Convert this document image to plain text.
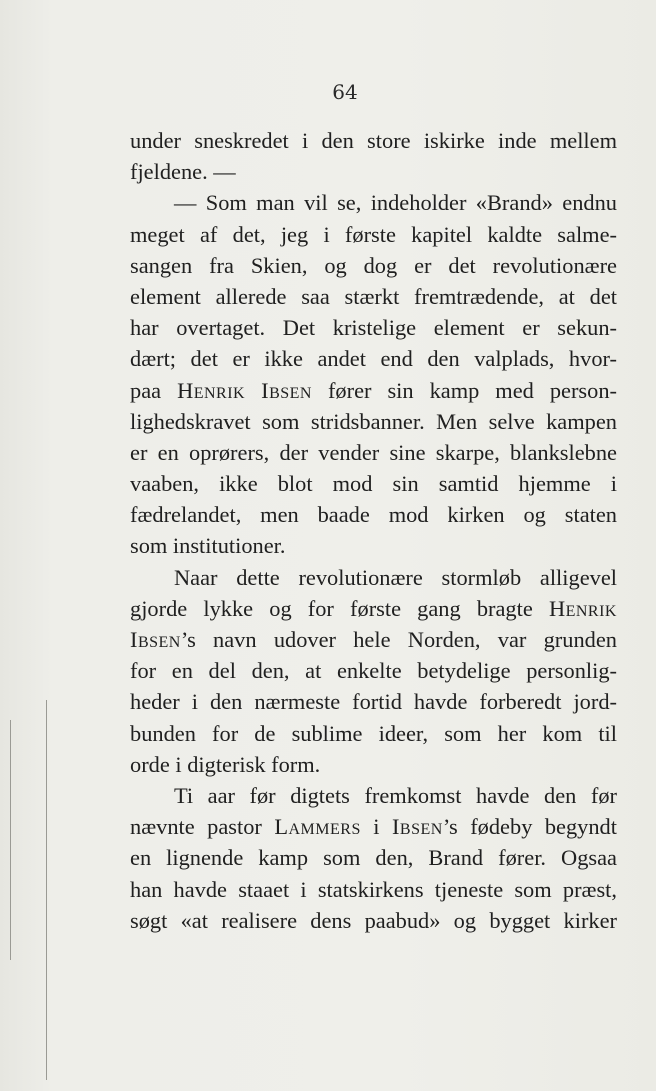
64
under sneskredet i den store iskirke inde mellem
fjeldene. —
— Som man vil se, indeholder «Brand» endnu
meget af det, jeg i første kapitel kaldte salme-
sangen fra Skien, og dog er det revolutionære
element allerede saa stærkt fremtrædende, at det
har overtaget. Det kristelige element er sekun-
dært; det er ikke andet end den valplads, hvor-
paa Henrik Ibsen fører sin kamp med person-
lighedskravet som stridsbanner. Men selve kampen
er en oprørers, der vender sine skarpe, blankslebne
vaaben, ikke blot mod sin samtid hjemme i
fædrelandet, men baade mod kirken og staten
som institutioner.
Naar dette revolutionære stormløb alligevel
gjorde lykke og for første gang bragte Henrik
Ibsen’s navn udover hele Norden, var grunden
for en del den, at enkelte betydelige personlig-
heder i den nærmeste fortid havde forberedt jord-
bunden for de sublime ideer, som her kom til
orde i digterisk form.
Ti aar før digtets fremkomst havde den før
nævnte pastor Lammers i Ibsen’s fødeby begyndt
en lignende kamp som den, Brand fører. Ogsaa
han havde staaet i statskirkens tjeneste som præst,
søgt «at realisere dens paabud» og bygget kirker
